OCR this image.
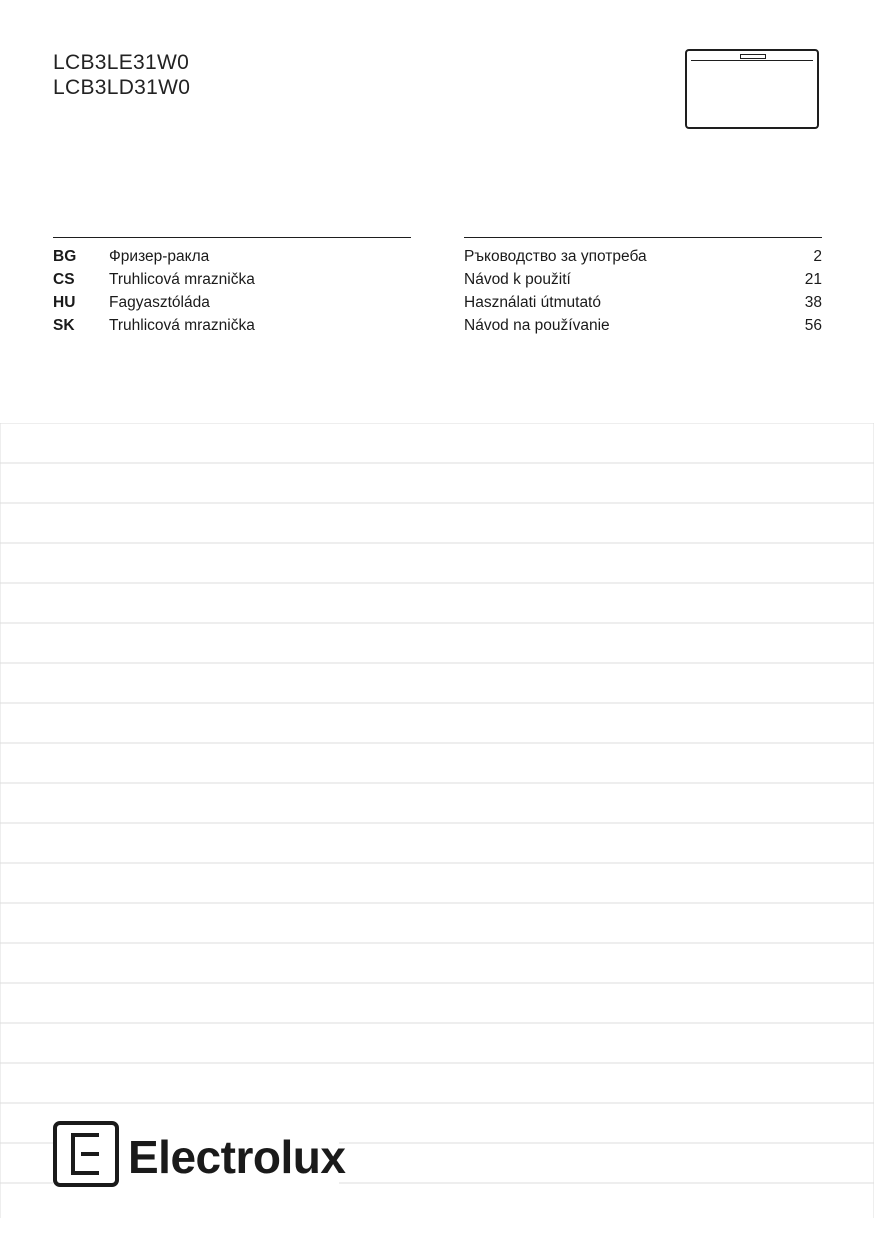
LCB3LE31W0
LCB3LD31W0
BG Фризер-ракла	Ръководство за употреба	2
CS Truhlicová mraznička	Návod k použití	21
HU Fagyasztóláda	Használati útmutató	38
SK Truhlicová mraznička	Návod na používanie	56
Electrolux
